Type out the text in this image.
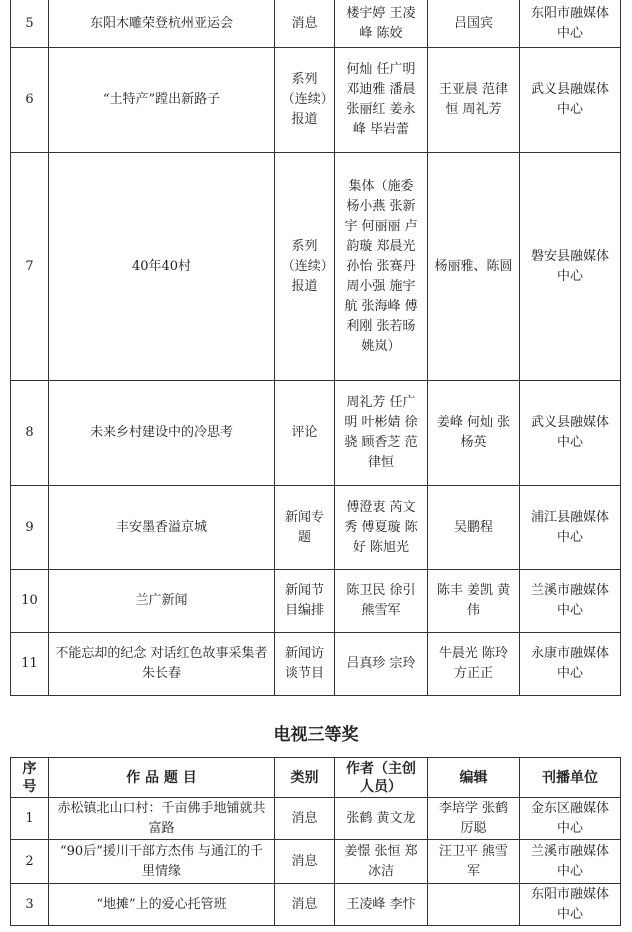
5	东阳木雕荣登杭州亚运会	消息	楼宇婷 王凌峰 陈姣	吕国宾	东阳市融媒体中心
6	“土特产”蹚出新路子	系列（连续）报道	何灿 任广明 邓迪雅 潘晨 张丽红 姜永峰 毕岩蕾	王亚晨 范律恒 周礼芳	武义县融媒体中心
7	40年40村	系列（连续）报道	集体（施委 杨小燕 张新宇 何丽丽 卢韵璇 郑晨光 孙怡 张赛丹 周小强 施宇航 张海峰 傅利刚 张若旸 姚岚）	杨丽雅、陈圆	磐安县融媒体中心
8	未来乡村建设中的冷思考	评论	周礼芳 任广明 叶彬婧 徐骁 顾香芝 范律恒	姜峰 何灿 张杨英	武义县融媒体中心
9	丰安墨香溢京城	新闻专题	傅澄衷 芮文秀 傅夏璇 陈好 陈旭光	吴鹏程	浦江县融媒体中心
10	兰广新闻	新闻节目编排	陈卫民 徐引 熊雪军	陈丰 姜凯 黄伟	兰溪市融媒体中心
11	不能忘却的纪念 对话红色故事采集者朱长春	新闻访谈节目	吕真珍 宗玲	牛晨光 陈玲 方正正	永康市融媒体中心
电视三等奖
序号	作 品 题 目	类别	作者（主创人员）	编辑	刊播单位
1	赤松镇北山口村：千亩佛手地铺就共富路	消息	张鹤 黄文龙	李培学 张鹤 厉聪	金东区融媒体中心
2	“90后”援川干部方杰伟 与通江的千里情缘	消息	姜憬 张恒 郑冰洁	汪卫平 熊雪军	兰溪市融媒体中心
3	“地摊”上的爱心托管班	消息	王凌峰 李忭		东阳市融媒体中心
